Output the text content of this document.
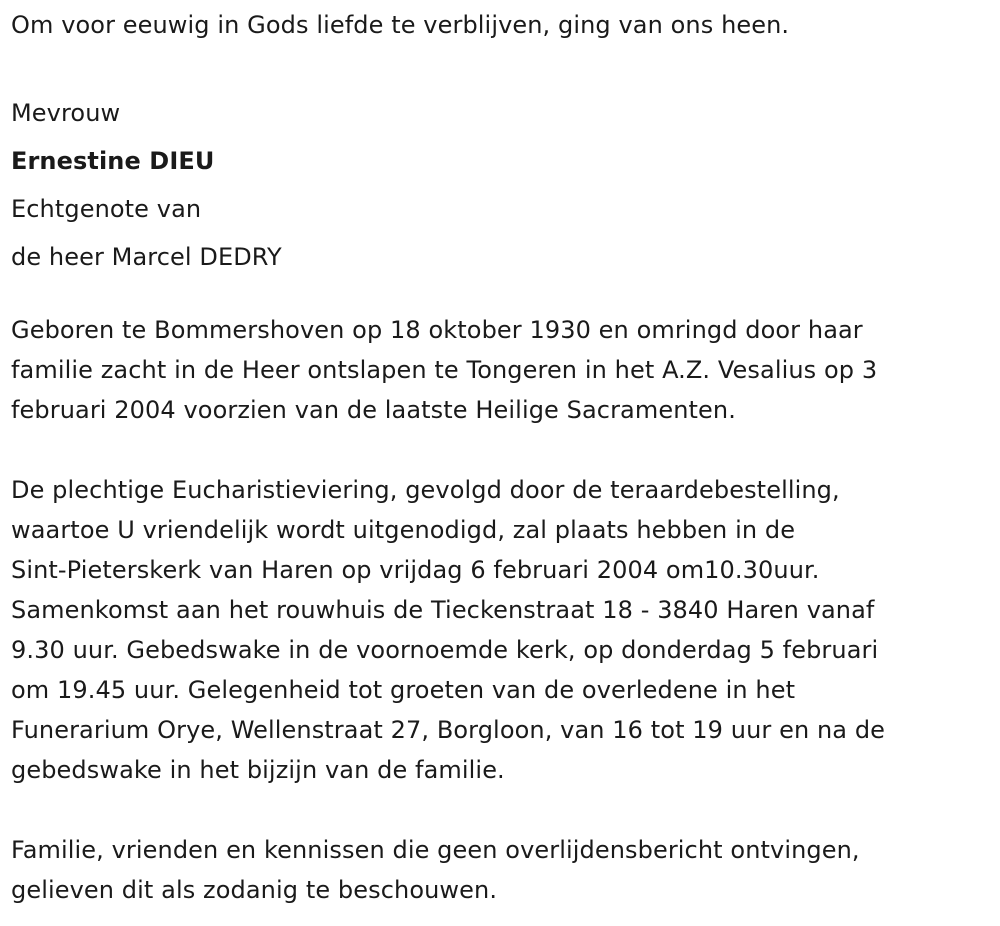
Om voor eeuwig in Gods liefde te verblijven, ging van ons heen.
Mevrouw
Ernestine DIEU
Echtgenote van
de heer Marcel DEDRY
Geboren te Bommershoven op 18 oktober 1930 en omringd door haar
familie zacht in de Heer ontslapen te Tongeren in het A.Z. Vesalius op 3
februari 2004 voorzien van de laatste Heilige Sacramenten.
De plechtige Eucharistieviering, gevolgd door de teraardebestelling,
waartoe U vriendelijk wordt uitgenodigd, zal plaats hebben in de
Sint-Pieterskerk van Haren op vrijdag 6 februari 2004 om10.30uur.
Samenkomst aan het rouwhuis de Tieckenstraat 18 - 3840 Haren vanaf
9.30 uur. Gebedswake in de voornoemde kerk, op donderdag 5 februari
om 19.45 uur. Gelegenheid tot groeten van de overledene in het
Funerarium Orye, Wellenstraat 27, Borgloon, van 16 tot 19 uur en na de
gebedswake in het bijzijn van de familie.
Familie, vrienden en kennissen die geen overlijdensbericht ontvingen,
gelieven dit als zodanig te beschouwen.
